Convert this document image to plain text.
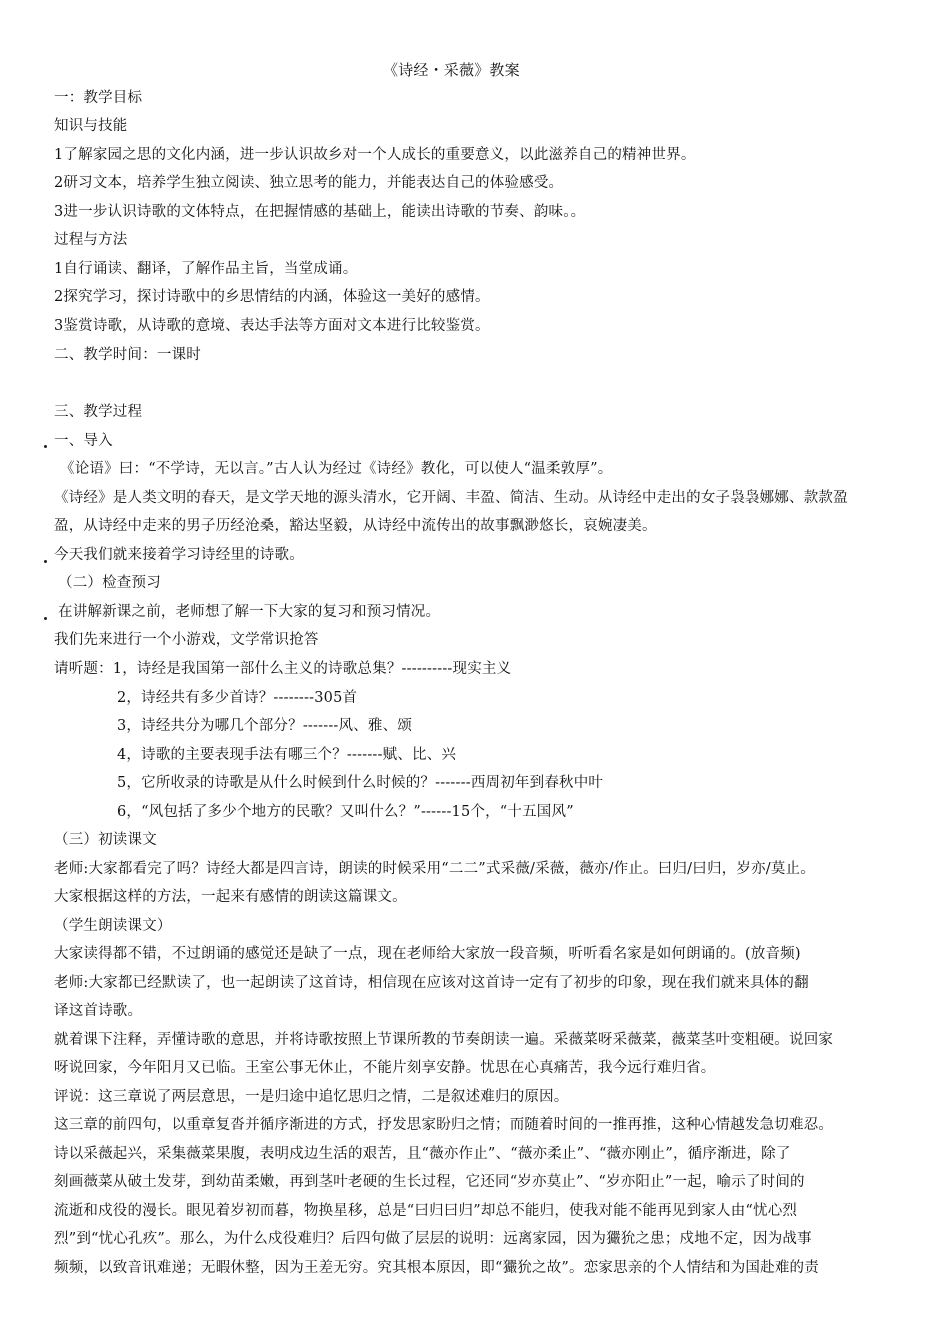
《诗经・采薇》教案
一：教学目标
知识与技能
1了解家园之思的文化内涵，进一步认识故乡对一个人成长的重要意义，以此滋养自己的精神世界。
2研习文本，培养学生独立阅读、独立思考的能力，并能表达自己的体验感受。
3进一步认识诗歌的文体特点，在把握情感的基础上，能读出诗歌的节奏、韵味。。
过程与方法
1自行诵读、翻译，了解作品主旨，当堂成诵。
2探究学习，探讨诗歌中的乡思情结的内涵，体验这一美好的感情。
3鉴赏诗歌，从诗歌的意境、表达手法等方面对文本进行比较鉴赏。
二、教学时间：一课时
三、教学过程
一、导入
《论语》曰：“不学诗，无以言。”古人认为经过《诗经》教化，可以使人“温柔敦厚”。
《诗经》是人类文明的春天，是文学天地的源头清水，它开阔、丰盈、简洁、生动。从诗经中走出的女子袅袅娜娜、款款盈
盈，从诗经中走来的男子历经沧桑，豁达坚毅，从诗经中流传出的故事飘渺悠长，哀婉凄美。
今天我们就来接着学习诗经里的诗歌。
（二）检查预习
在讲解新课之前，老师想了解一下大家的复习和预习情况。
我们先来进行一个小游戏，文学常识抢答
请听题：1，诗经是我国第一部什么主义的诗歌总集？----------现实主义
2，诗经共有多少首诗？--------305首
3，诗经共分为哪几个部分？-------风、雅、颂
4，诗歌的主要表现手法有哪三个？-------赋、比、兴
5，它所收录的诗歌是从什么时候到什么时候的？-------西周初年到春秋中叶
6，“风包括了多少个地方的民歌？又叫什么？”------15个，“十五国风”
（三）初读课文
老师:大家都看完了吗？诗经大都是四言诗，朗读的时候采用“二二”式采薇/采薇，薇亦/作止。曰归/曰归，岁亦/莫止。
大家根据这样的方法，一起来有感情的朗读这篇课文。
（学生朗读课文）
大家读得都不错，不过朗诵的感觉还是缺了一点，现在老师给大家放一段音频，听听看名家是如何朗诵的。(放音频)
老师:大家都已经默读了，也一起朗读了这首诗，相信现在应该对这首诗一定有了初步的印象，现在我们就来具体的翻
译这首诗歌。
就着课下注释，弄懂诗歌的意思，并将诗歌按照上节课所教的节奏朗读一遍。采薇菜呀采薇菜，薇菜茎叶变粗硬。说回家
呀说回家，今年阳月又已临。王室公事无休止，不能片刻享安静。忧思在心真痛苦，我今远行难归省。
评说：这三章说了两层意思，一是归途中追忆思归之情，二是叙述难归的原因。
这三章的前四句，以重章复沓并循序渐进的方式，抒发思家盼归之情；而随着时间的一推再推，这种心情越发急切难忍。
诗以采薇起兴，采集薇菜果腹，表明戍边生活的艰苦，且“薇亦作止”、“薇亦柔止”、“薇亦刚止”，循序渐进，除了
刻画薇菜从破土发芽，到幼苗柔嫩，再到茎叶老硬的生长过程，它还同“岁亦莫止”、“岁亦阳止”一起，喻示了时间的
流逝和戍役的漫长。眼见着岁初而暮，物换星移，总是“曰归曰归”却总不能归，使我对能不能再见到家人由“忧心烈
烈”到“忧心孔疚”。那么，为什么戍役难归？后四句做了层层的说明：远离家园，因为玁狁之患；戍地不定，因为战事
频频，以致音讯难递；无暇休整，因为王差无穷。究其根本原因，即“玁狁之故”。恋家思亲的个人情结和为国赴难的责
